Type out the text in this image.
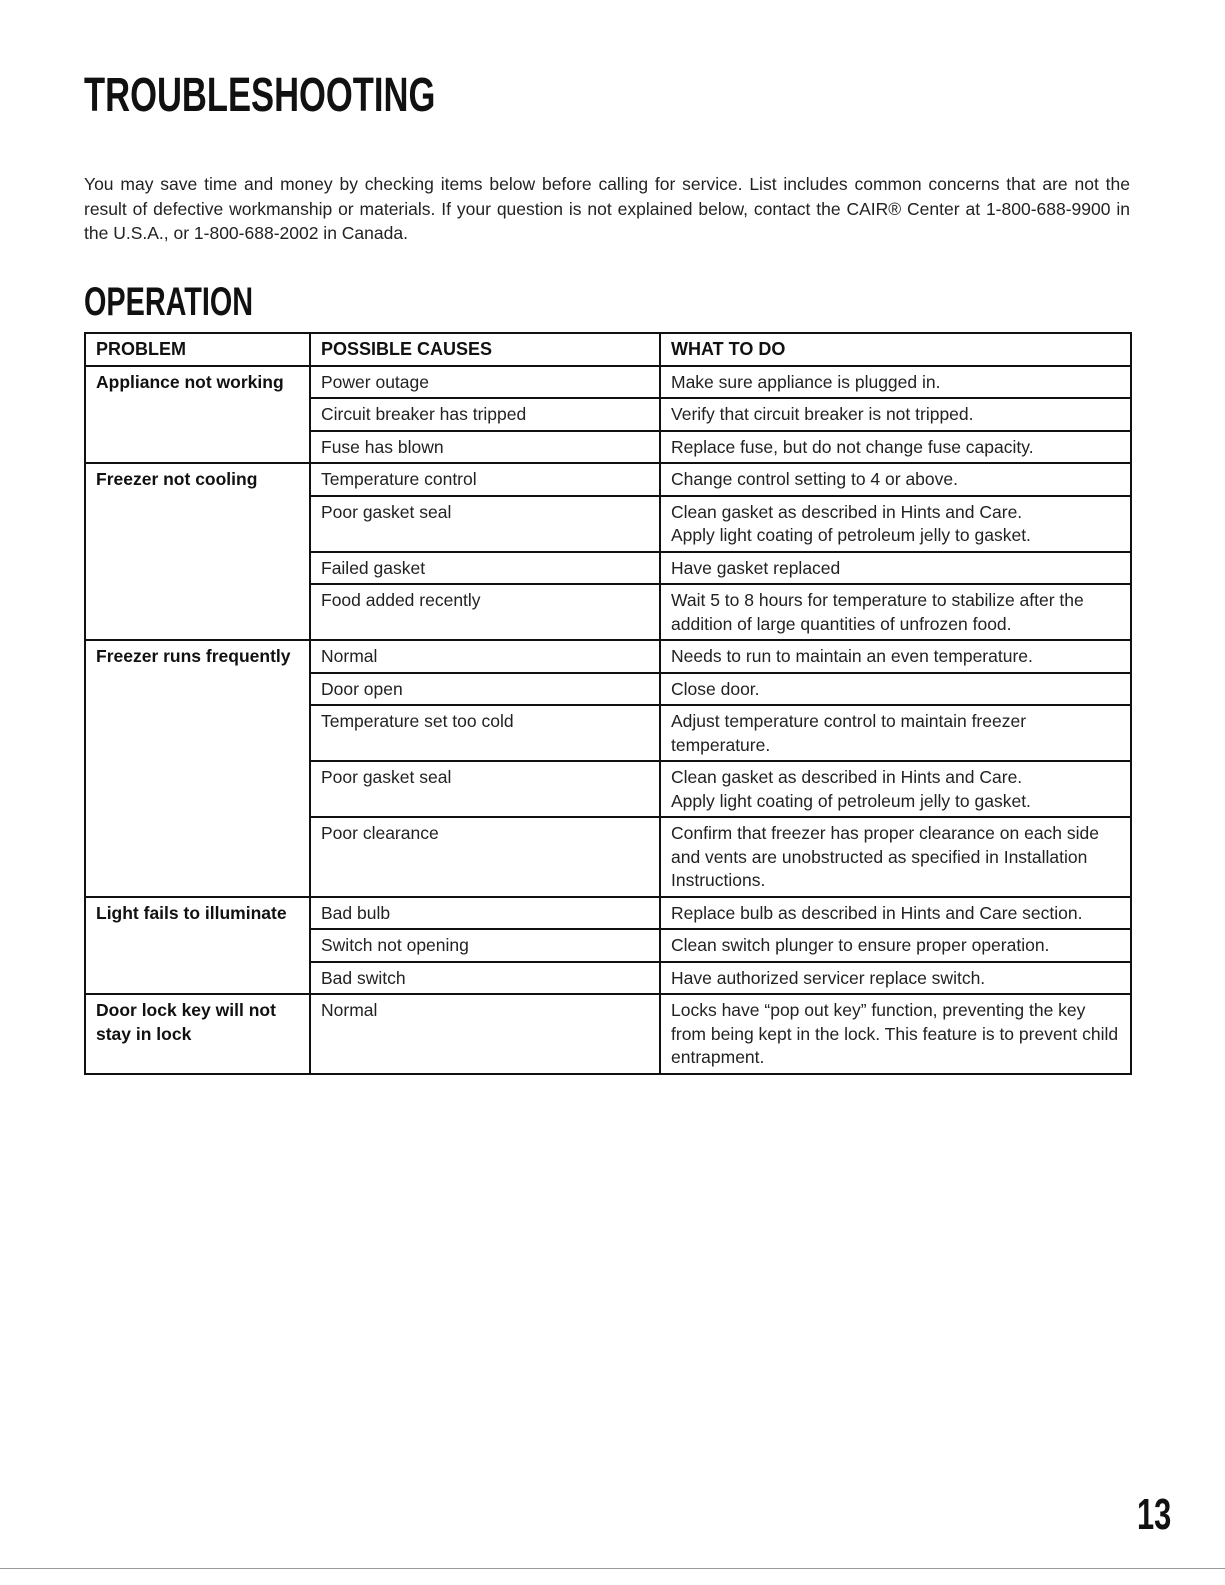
TROUBLESHOOTING

You may save time and money by checking items below before calling for service. List includes common concerns that are not the result of defective workmanship or materials. If your question is not explained below, contact the CAIR® Center at 1-800-688-9900 in the U.S.A., or 1-800-688-2002 in Canada.

OPERATION
PROBLEM	POSSIBLE CAUSES	WHAT TO DO
Appliance not working	Power outage	Make sure appliance is plugged in.

	Circuit breaker has tripped	Verify that circuit breaker is not tripped.

	Fuse has blown	Replace fuse, but do not change fuse capacity.

Freezer not cooling	Temperature control	Change control setting to 4 or above.

	Poor gasket seal	Clean gasket as described in Hints and Care.
Apply light coating of petroleum jelly to gasket.

	Failed gasket	Have gasket replaced

	Food added recently	Wait 5 to 8 hours for temperature to stabilize after the addition of large quantities of unfrozen food.

Freezer runs frequently	Normal	Needs to run to maintain an even temperature.

	Door open	Close door.

	Temperature set too cold	Adjust temperature control to maintain freezer temperature.

	Poor gasket seal	Clean gasket as described in Hints and Care.
Apply light coating of petroleum jelly to gasket.

	Poor clearance	Confirm that freezer has proper clearance on each side and vents are unobstructed as specified in Installation Instructions.

Light fails to illuminate	Bad bulb	Replace bulb as described in Hints and Care section.

	Switch not opening	Clean switch plunger to ensure proper operation.

	Bad switch	Have authorized servicer replace switch.

Door lock key will not stay in lock	Normal	Locks have “pop out key” function, preventing the key from being kept in the lock. This feature is to prevent child entrapment.
13
